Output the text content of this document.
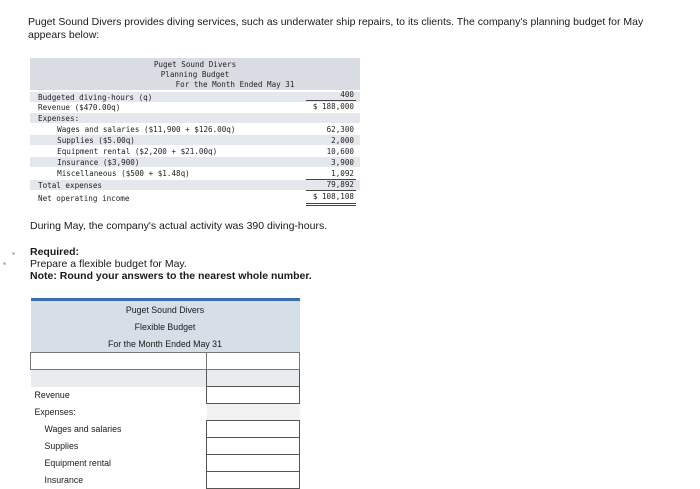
Puget Sound Divers provides diving services, such as underwater ship repairs, to its clients. The company's planning budget for May appears below:
Puget Sound Divers
Planning Budget
For the Month Ended May 31
Budgeted diving-hours (q)	400
Revenue ($470.00q)	$ 188,000
Expenses:
Wages and salaries ($11,900 + $126.00q)	62,300
Supplies ($5.00q)	2,000
Equipment rental ($2,200 + $21.00q)	10,600
Insurance ($3,900)	3,900
Miscellaneous ($500 + $1.48q)	1,092
Total expenses	79,892
Net operating income	$ 108,108
During May, the company's actual activity was 390 diving-hours.
Required:
Prepare a flexible budget for May.
Note: Round your answers to the nearest whole number.
Puget Sound Divers	
Flexible Budget	
For the Month Ended May 31	

Revenue	
Expenses:	
Wages and salaries	
Supplies	
Equipment rental	
Insurance	
